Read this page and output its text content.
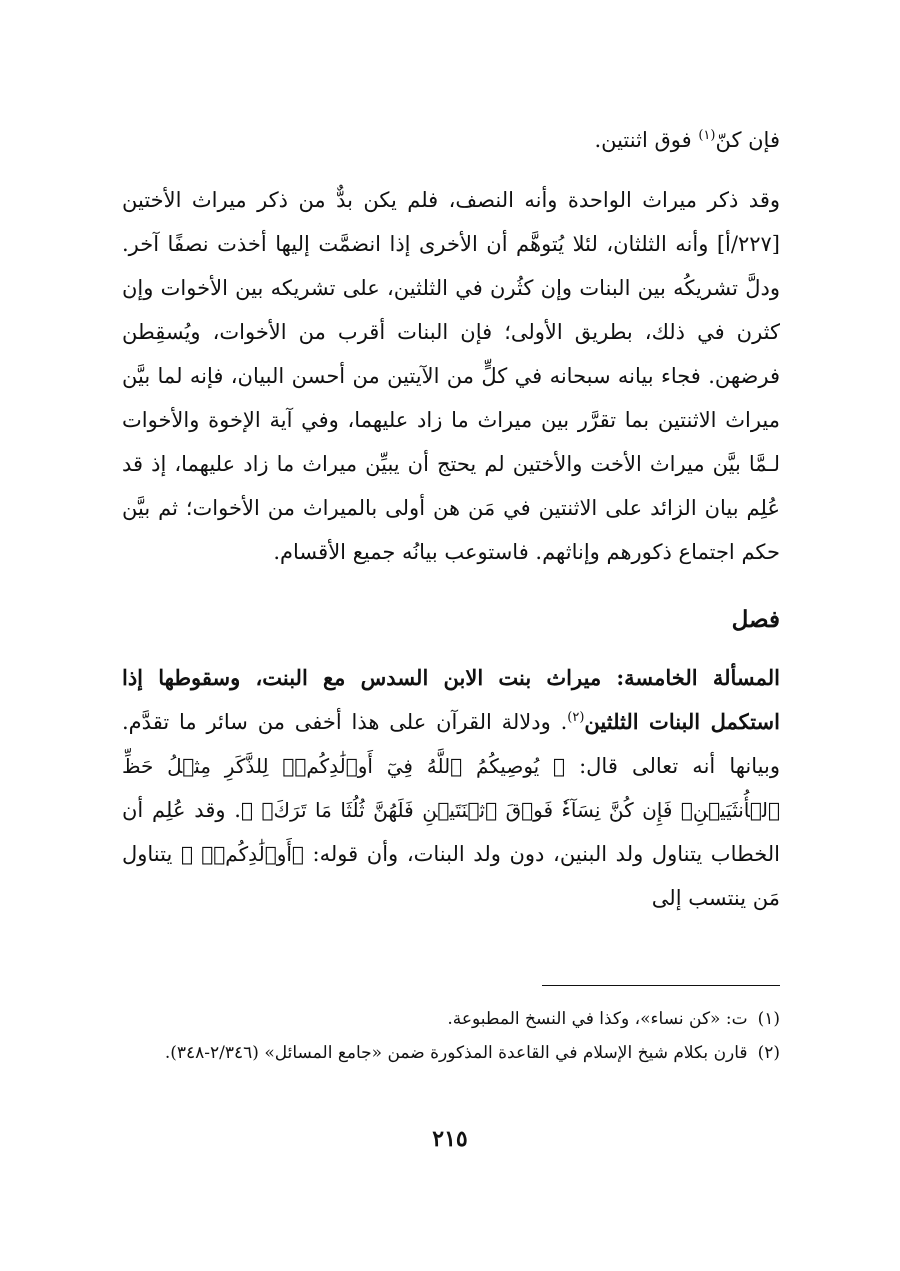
فإن كنّ$^{(١)}$ فوق اثنتين.

وقد ذكر ميراث الواحدة وأنه النصف، فلم يكن بدٌّ من ذكر ميراث الأختين [٢٢٧/أ] وأنه الثلثان، لئلا يُتوهَّم أن الأخرى إذا انضمَّت إليها أخذت نصفًا آخر. ودلَّ تشريكُه بين البنات وإن كثُرن في الثلثين، على تشريكه بين الأخوات وإن كثرن في ذلك، بطريق الأولى؛ فإن البنات أقرب من الأخوات، ويُسقِطن فرضهن. فجاء بيانه سبحانه في كلٍّ من الآيتين من أحسن البيان، فإنه لما بيَّن ميراث الاثنتين بما تقرَّر بين ميراث ما زاد عليهما، وفي آية الإخوة والأخوات لـمَّا بيَّن ميراث الأخت والأختين لم يحتج أن يبيِّن ميراث ما زاد عليهما، إذ قد عُلِم بيان الزائد على الاثنتين في مَن هن أولى بالميراث من الأخوات؛ ثم بيَّن حكم اجتماع ذكورهم وإناثهم. فاستوعب بيانُه جميع الأقسام.

فصل

المسألة الخامسة: ميراث بنت الابن السدس مع البنت، وسقوطها إذا استكمل البنات الثلثين$^{(٢)}$. ودلالة القرآن على هذا أخفى من سائر ما تقدَّم. وبيانها أنه تعالى قال: ﴿ يُوصِيكُمُ ٱللَّهُ فِيٓ أَوۡلَٰدِكُمۡۖ لِلذَّكَرِ مِثۡلُ حَظِّ ٱلۡأُنثَيَيۡنِۚ فَإِن كُنَّ نِسَآءٗ فَوۡقَ ٱثۡنَتَيۡنِ فَلَهُنَّ ثُلُثَا مَا تَرَكَۖ ﴾. وقد عُلِم أن الخطاب يتناول ولد البنين، دون ولد البنات، وأن قوله: ﴿أَوۡلَٰدِكُمۡۖ ﴾ يتناول مَن ينتسب إلى

(١)
ت: «كن نساء»، وكذا في النسخ المطبوعة.
(٢)
قارن بكلام شيخ الإسلام في القاعدة المذكورة ضمن «جامع المسائل» (٢/٣٤٦-٣٤٨).
٢١٥
